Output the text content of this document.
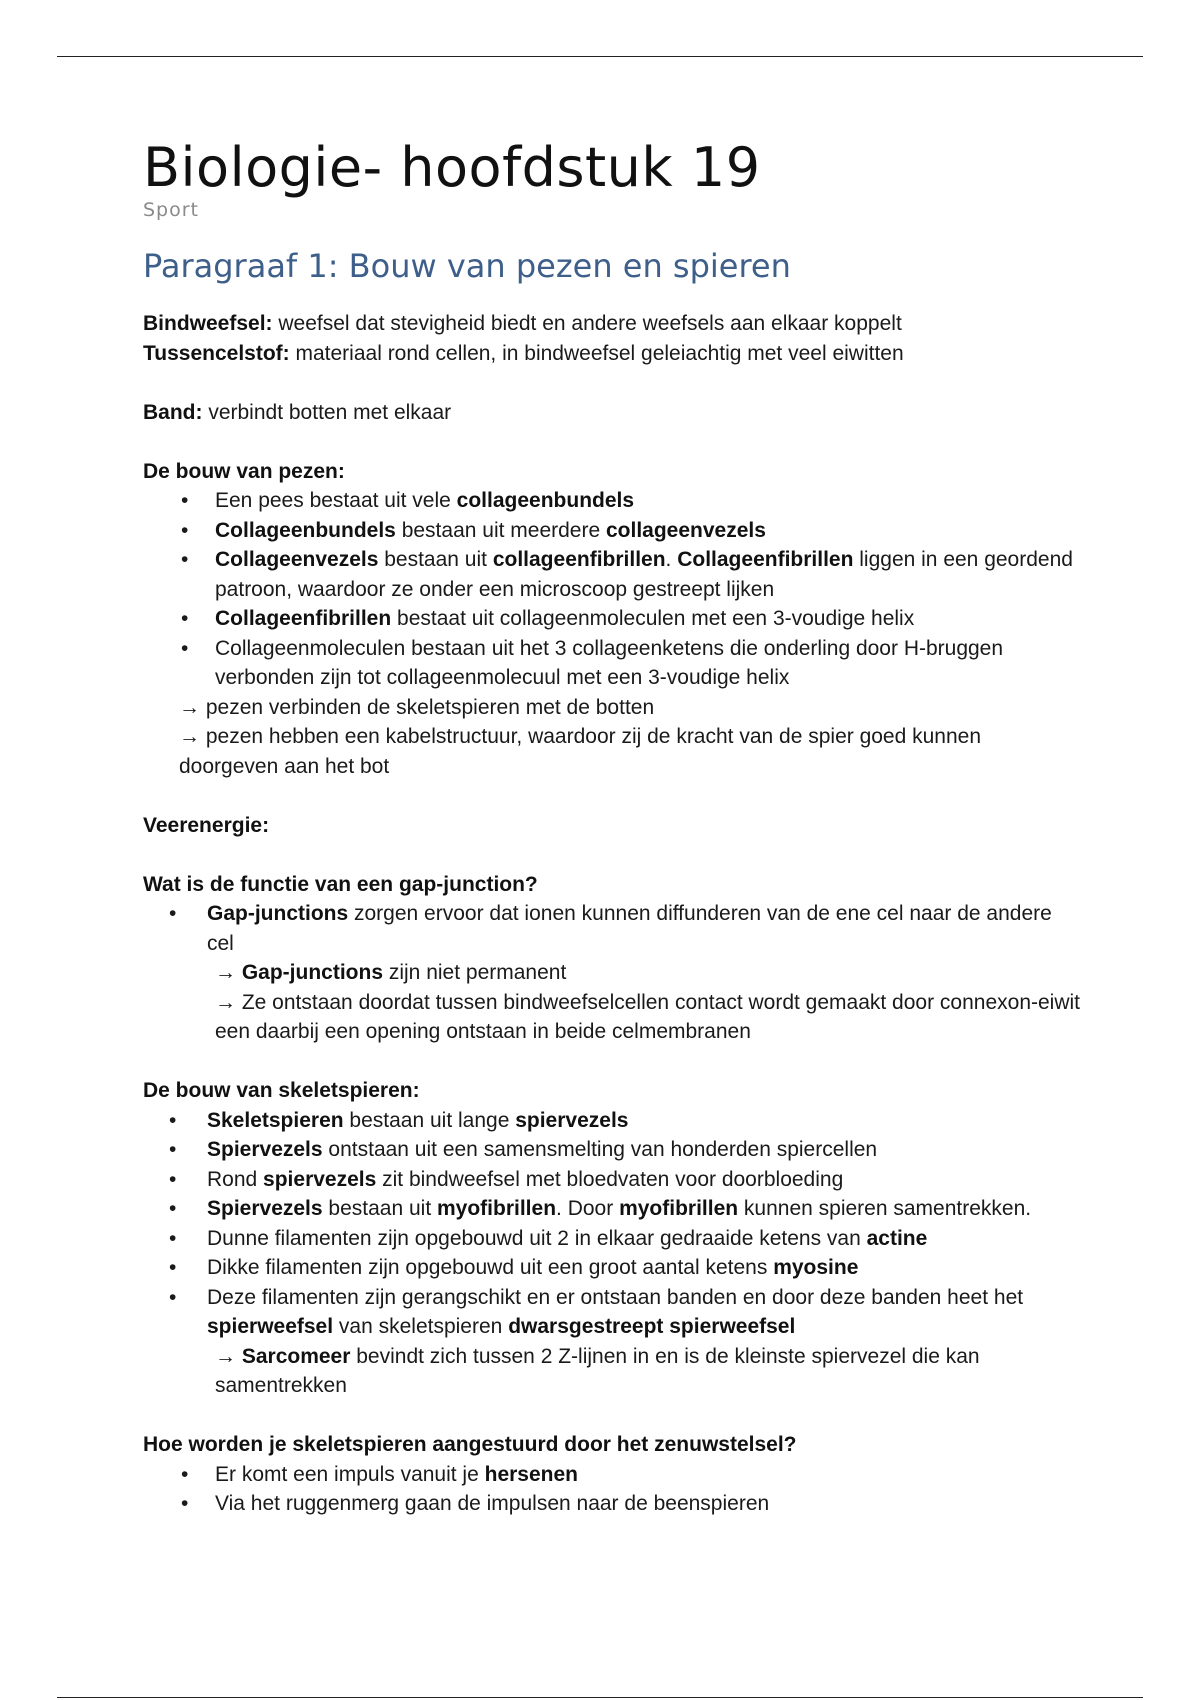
Biologie- hoofdstuk 19
Sport
Paragraaf 1: Bouw van pezen en spieren

Bindweefsel: weefsel dat stevigheid biedt en andere weefsels aan elkaar koppelt

Tussencelstof: materiaal rond cellen, in bindweefsel geleiachtig met veel eiwitten

Band: verbindt botten met elkaar

De bouw van pezen:

• Een pees bestaat uit vele collageenbundels
• Collageenbundels bestaan uit meerdere collageenvezels
• Collageenvezels bestaan uit collageenfibrillen. Collageenfibrillen liggen in een geordend patroon, waardoor ze onder een microscoop gestreept lijken
• Collageenfibrillen bestaat uit collageenmoleculen met een 3-voudige helix
• Collageenmoleculen bestaan uit het 3 collageenketens die onderling door H-bruggen verbonden zijn tot collageenmolecuul met een 3-voudige helix

→ pezen verbinden de skeletspieren met de botten

→ pezen hebben een kabelstructuur, waardoor zij de kracht van de spier goed kunnen doorgeven aan het bot

Veerenergie:

Wat is de functie van een gap-junction?

• Gap-junctions zorgen ervoor dat ionen kunnen diffunderen van de ene cel naar de andere cel

→ Gap-junctions zijn niet permanent

→ Ze ontstaan doordat tussen bindweefselcellen contact wordt gemaakt door connexon-eiwit een daarbij een opening ontstaan in beide celmembranen

De bouw van skeletspieren:

• Skeletspieren bestaan uit lange spiervezels
• Spiervezels ontstaan uit een samensmelting van honderden spiercellen
• Rond spiervezels zit bindweefsel met bloedvaten voor doorbloeding
• Spiervezels bestaan uit myofibrillen. Door myofibrillen kunnen spieren samentrekken.
• Dunne filamenten zijn opgebouwd uit 2 in elkaar gedraaide ketens van actine
• Dikke filamenten zijn opgebouwd uit een groot aantal ketens myosine
• Deze filamenten zijn gerangschikt en er ontstaan banden en door deze banden heet het spierweefsel van skeletspieren dwarsgestreept spierweefsel

→ Sarcomeer bevindt zich tussen 2 Z-lijnen in en is de kleinste spiervezel die kan samentrekken

Hoe worden je skeletspieren aangestuurd door het zenuwstelsel?

• Er komt een impuls vanuit je hersenen
• Via het ruggenmerg gaan de impulsen naar de beenspieren
